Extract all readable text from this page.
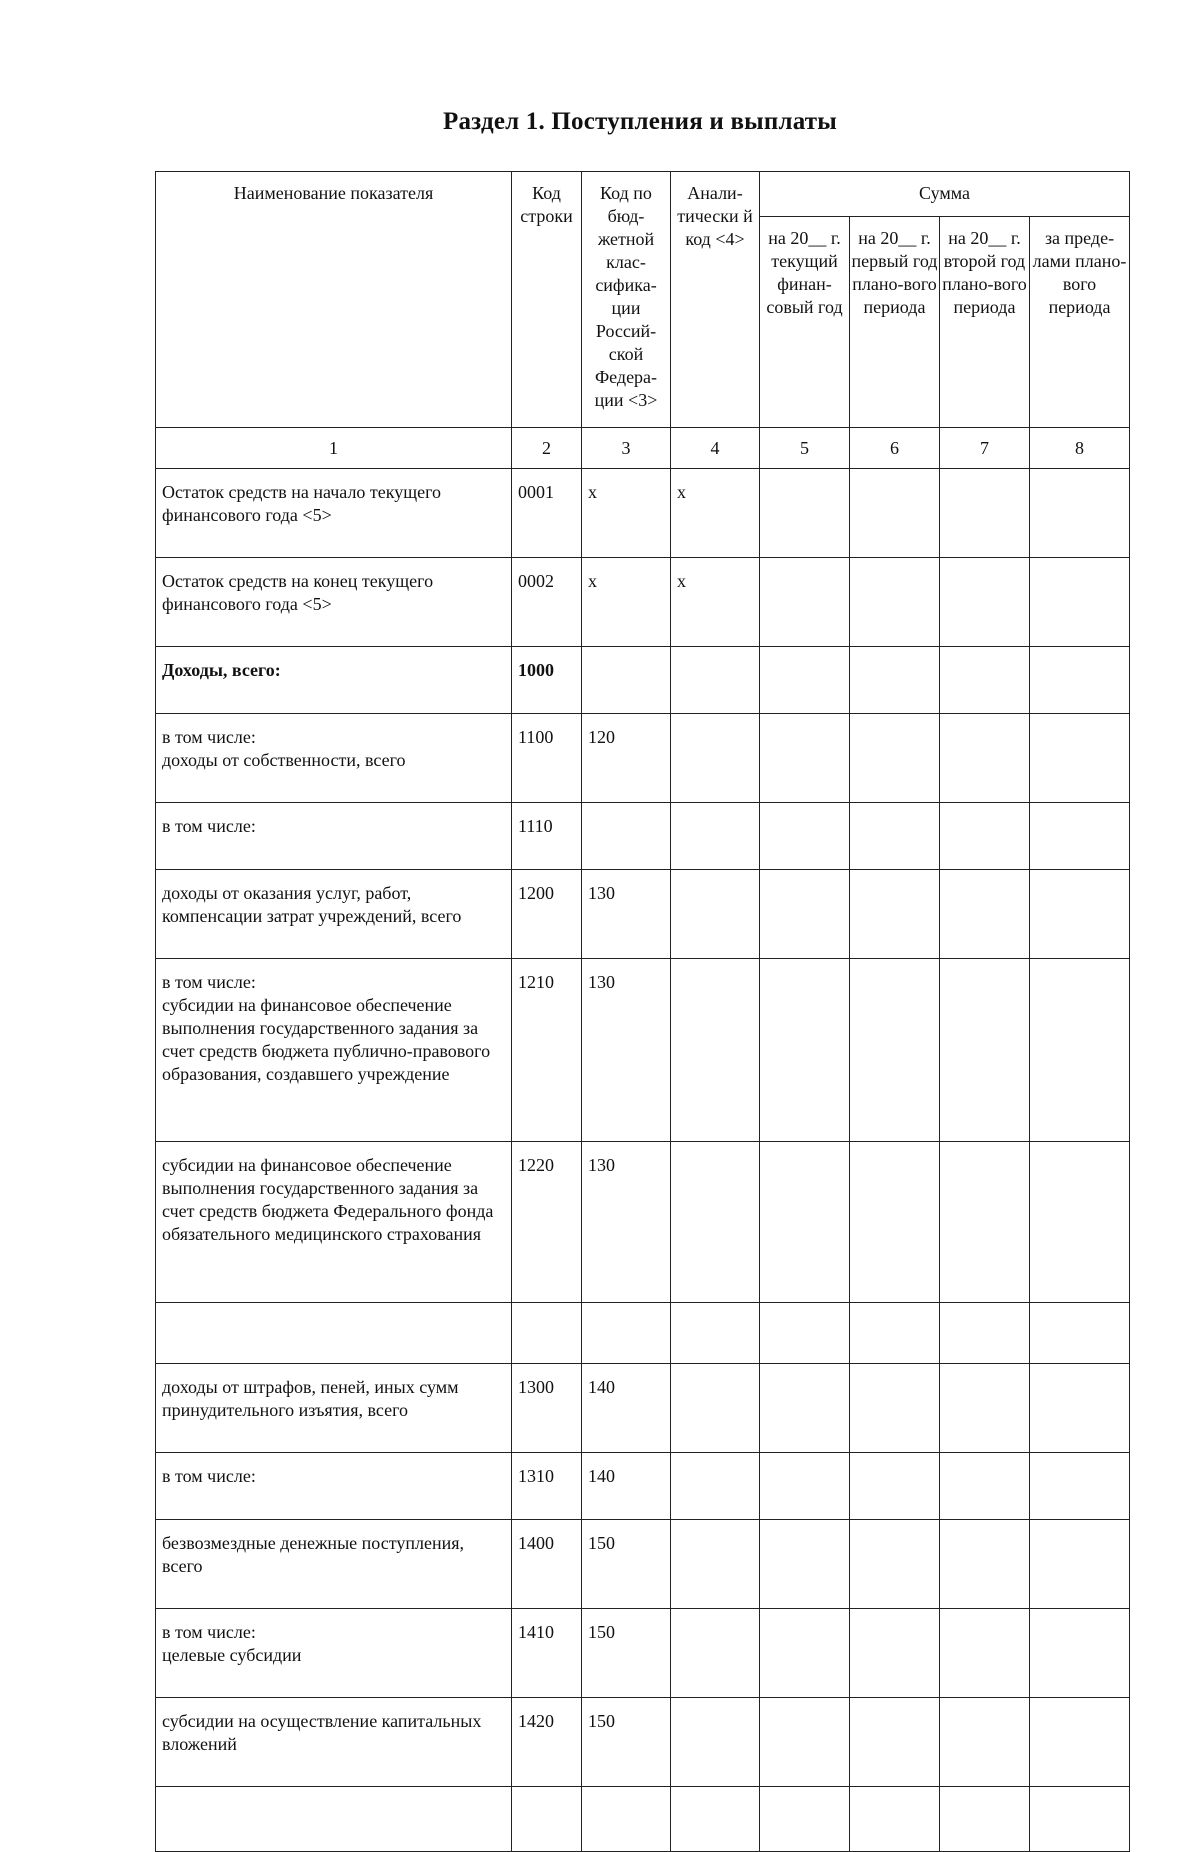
Раздел 1. Поступления и выплаты
Наименование показателя	Код строки	Код по бюд-жетной клас-сифика-ции Россий-ской Федера-ции <3>	Анали-тически й код <4>	Сумма			
				на 20__ г. текущий финан-совый год	на 20__ г. первый год плано-вого периода	на 20__ г. второй год плано-вого периода	за преде-лами плано-вого периода
1	2	3	4	5	6	7	8
Остаток средств на начало текущего финансового года <5>	0001	x	x				
Остаток средств на конец текущего финансового года <5>	0002	x	x				
Доходы, всего:	1000						
в том числе:
доходы от собственности, всего	1100	120					
в том числе:	1110						
доходы от оказания услуг, работ, компенсации затрат учреждений, всего	1200	130					
в том числе:
субсидии на финансовое обеспечение выполнения государственного задания за счет средств бюджета публично-правового образования, создавшего учреждение	1210	130					
субсидии на финансовое обеспечение выполнения государственного задания за счет средств бюджета Федерального фонда обязательного медицинского страхования	1220	130					

доходы от штрафов, пеней, иных сумм принудительного изъятия, всего	1300	140					
в том числе:	1310	140					
безвозмездные денежные поступления, всего	1400	150					
в том числе:
целевые субсидии	1410	150					
субсидии на осуществление капитальных вложений	1420	150					
